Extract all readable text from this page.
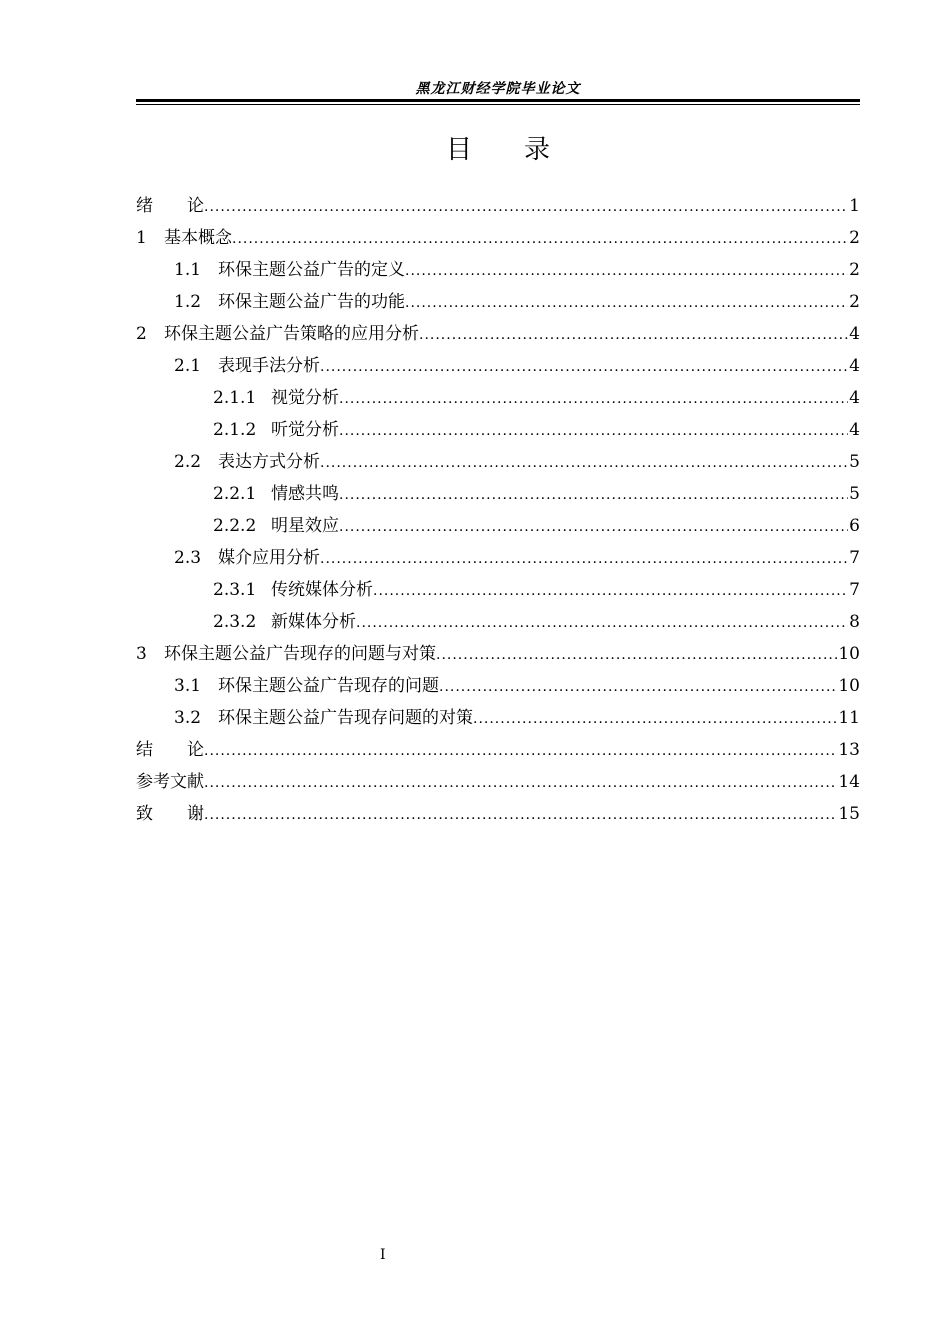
黑龙江财经学院毕业论文
目　　录
绪　　论 .....	1
1	基本概念 .....	2
1.1 环保主题公益广告的定义 .....	2
1.2 环保主题公益广告的功能 .....	2
2	环保主题公益广告策略的应用分析 .....	4
2.1 表现手法分析 .....	4
2.1.1 视觉分析 .....	4
2.1.2 听觉分析 .....	4
2.2 表达方式分析 .....	5
2.2.1 情感共鸣 .....	5
2.2.2 明星效应 .....	6
2.3 媒介应用分析 .....	7
2.3.1 传统媒体分析 .....	7
2.3.2 新媒体分析 .....	8
3	环保主题公益广告现存的问题与对策 .....	10
3.1 环保主题公益广告现存的问题 .....	10
3.2 环保主题公益广告现存问题的对策 .....	11
结　　论 .....	13
参考文献 .....	14
致　　谢 .....	15
I
